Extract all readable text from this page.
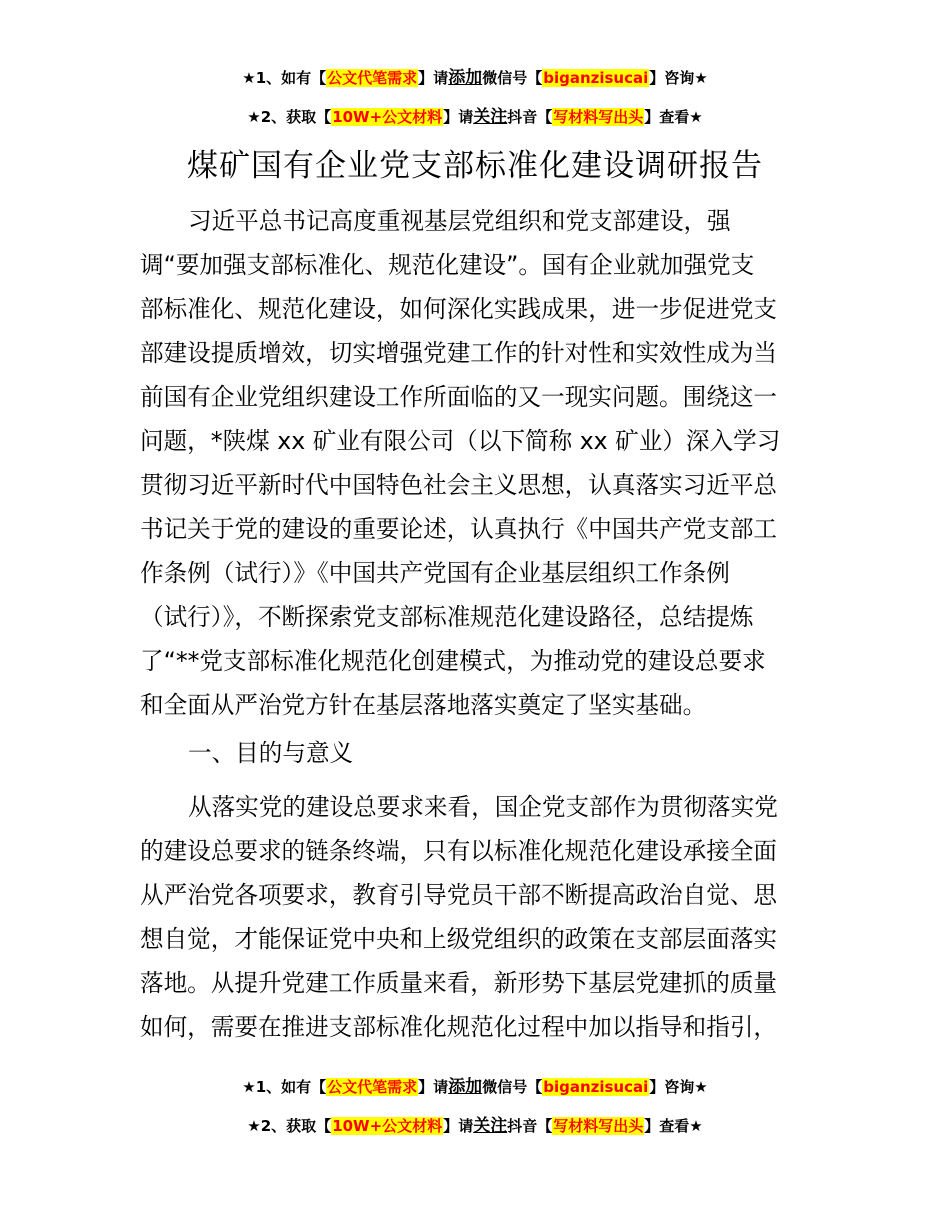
★1、如有【公文代笔需求】请添加微信号【biganzisucai】咨询★
★2、获取【10W+公文材料】请关注抖音【写材料写出头】查看★
煤矿国有企业党支部标准化建设调研报告
习近平总书记高度重视基层党组织和党支部建设，强
调“要加强支部标准化、规范化建设”。国有企业就加强党支
部标准化、规范化建设，如何深化实践成果，进一步促进党支
部建设提质增效，切实增强党建工作的针对性和实效性成为当
前国有企业党组织建设工作所面临的又一现实问题。围绕这一
问题，*陕煤 xx 矿业有限公司（以下简称 xx 矿业）深入学习
贯彻习近平新时代中国特色社会主义思想，认真落实习近平总
书记关于党的建设的重要论述，认真执行《中国共产党支部工
作条例（试行）》《中国共产党国有企业基层组织工作条例
（试行）》，不断探索党支部标准规范化建设路径，总结提炼
了“**党支部标准化规范化创建模式，为推动党的建设总要求
和全面从严治党方针在基层落地落实奠定了坚实基础。
一、目的与意义
从落实党的建设总要求来看，国企党支部作为贯彻落实党
的建设总要求的链条终端，只有以标准化规范化建设承接全面
从严治党各项要求，教育引导党员干部不断提高政治自觉、思
想自觉，才能保证党中央和上级党组织的政策在支部层面落实
落地。从提升党建工作质量来看，新形势下基层党建抓的质量
如何，需要在推进支部标准化规范化过程中加以指导和指引，
★1、如有【公文代笔需求】请添加微信号【biganzisucai】咨询★
★2、获取【10W+公文材料】请关注抖音【写材料写出头】查看★
